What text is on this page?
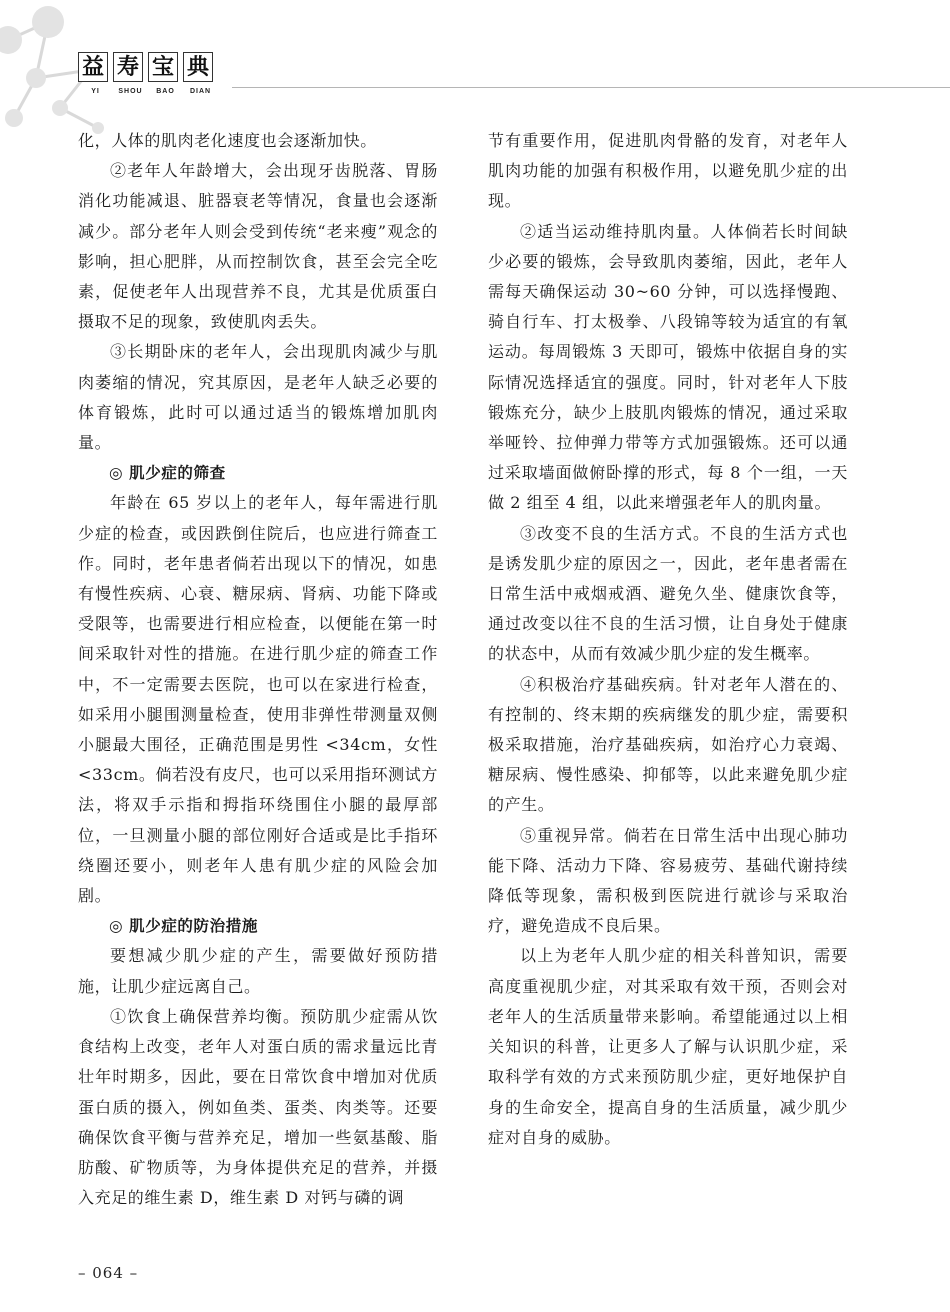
益 寿 宝 典
YI	SHOU	BAO	DIAN

化，人体的肌肉老化速度也会逐渐加快。

②老年人年龄增大，会出现牙齿脱落、胃肠消化功能减退、脏器衰老等情况，食量也会逐渐减少。部分老年人则会受到传统“老来瘦”观念的影响，担心肥胖，从而控制饮食，甚至会完全吃素，促使老年人出现营养不良，尤其是优质蛋白摄取不足的现象，致使肌肉丢失。

③长期卧床的老年人，会出现肌肉减少与肌肉萎缩的情况，究其原因，是老年人缺乏必要的体育锻炼，此时可以通过适当的锻炼增加肌肉量。

◎ 肌少症的筛查

年龄在 65 岁以上的老年人，每年需进行肌少症的检查，或因跌倒住院后，也应进行筛查工作。同时，老年患者倘若出现以下的情况，如患有慢性疾病、心衰、糖尿病、肾病、功能下降或受限等，也需要进行相应检查，以便能在第一时间采取针对性的措施。在进行肌少症的筛查工作中，不一定需要去医院，也可以在家进行检查，如采用小腿围测量检查，使用非弹性带测量双侧小腿最大围径，正确范围是男性 <34cm，女性 <33cm。倘若没有皮尺，也可以采用指环测试方法，将双手示指和拇指环绕围住小腿的最厚部位，一旦测量小腿的部位刚好合适或是比手指环绕圈还要小，则老年人患有肌少症的风险会加剧。

◎ 肌少症的防治措施

要想减少肌少症的产生，需要做好预防措施，让肌少症远离自己。

①饮食上确保营养均衡。预防肌少症需从饮食结构上改变，老年人对蛋白质的需求量远比青壮年时期多，因此，要在日常饮食中增加对优质蛋白质的摄入，例如鱼类、蛋类、肉类等。还要确保饮食平衡与营养充足，增加一些氨基酸、脂肪酸、矿物质等，为身体提供充足的营养，并摄入充足的维生素 D，维生素 D 对钙与磷的调

节有重要作用，促进肌肉骨骼的发育，对老年人肌肉功能的加强有积极作用，以避免肌少症的出现。

②适当运动维持肌肉量。人体倘若长时间缺少必要的锻炼，会导致肌肉萎缩，因此，老年人需每天确保运动 30~60 分钟，可以选择慢跑、骑自行车、打太极拳、八段锦等较为适宜的有氧运动。每周锻炼 3 天即可，锻炼中依据自身的实际情况选择适宜的强度。同时，针对老年人下肢锻炼充分，缺少上肢肌肉锻炼的情况，通过采取举哑铃、拉伸弹力带等方式加强锻炼。还可以通过采取墙面做俯卧撑的形式，每 8 个一组，一天做 2 组至 4 组，以此来增强老年人的肌肉量。

③改变不良的生活方式。不良的生活方式也是诱发肌少症的原因之一，因此，老年患者需在日常生活中戒烟戒酒、避免久坐、健康饮食等，通过改变以往不良的生活习惯，让自身处于健康的状态中，从而有效减少肌少症的发生概率。

④积极治疗基础疾病。针对老年人潜在的、有控制的、终末期的疾病继发的肌少症，需要积极采取措施，治疗基础疾病，如治疗心力衰竭、糖尿病、慢性感染、抑郁等，以此来避免肌少症的产生。

⑤重视异常。倘若在日常生活中出现心肺功能下降、活动力下降、容易疲劳、基础代谢持续降低等现象，需积极到医院进行就诊与采取治疗，避免造成不良后果。

以上为老年人肌少症的相关科普知识，需要高度重视肌少症，对其采取有效干预，否则会对老年人的生活质量带来影响。希望能通过以上相关知识的科普，让更多人了解与认识肌少症，采取科学有效的方式来预防肌少症，更好地保护自身的生命安全，提高自身的生活质量，减少肌少症对自身的威胁。

– 064 –
